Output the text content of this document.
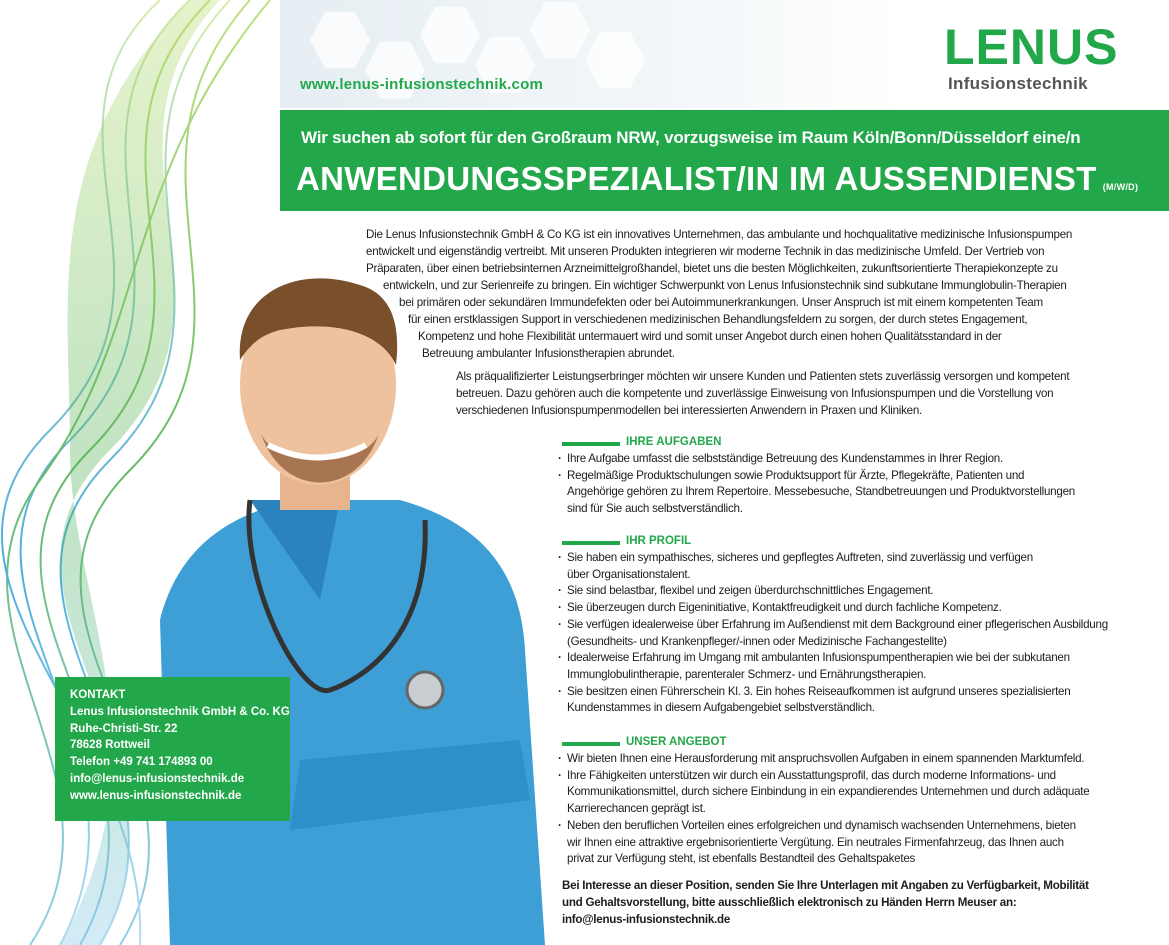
www.lenus-infusionstechnik.com
LENUS
Infusionstechnik
Wir suchen ab sofort für den Großraum NRW, vorzugsweise im Raum Köln/Bonn/Düsseldorf eine/n
ANWENDUNGSSPEZIALIST/IN IM AUSSENDIENST (M/W/D)
Die Lenus Infusionstechnik GmbH & Co KG ist ein innovatives Unternehmen, das ambulante und hochqualitative medizinische Infusionspumpen
entwickelt und eigenständig vertreibt. Mit unseren Produkten integrieren wir moderne Technik in das medizinische Umfeld. Der Vertrieb von
Präparaten, über einen betriebsinternen Arzneimittelgroßhandel, bietet uns die besten Möglichkeiten, zukunftsorientierte Therapiekonzepte zu
entwickeln, und zur Serienreife zu bringen. Ein wichtiger Schwerpunkt von Lenus Infusionstechnik sind subkutane Immunglobulin-Therapien
bei primären oder sekundären Immundefekten oder bei Autoimmunerkrankungen. Unser Anspruch ist mit einem kompetenten Team
für einen erstklassigen Support in verschiedenen medizinischen Behandlungsfeldern zu sorgen, der durch stetes Engagement,
Kompetenz und hohe Flexibilität untermauert wird und somit unser Angebot durch einen hohen Qualitätsstandard in der
Betreuung ambulanter Infusionstherapien abrundet.
Als präqualifizierter Leistungserbringer möchten wir unsere Kunden und Patienten stets zuverlässig versorgen und kompetent
betreuen. Dazu gehören auch die kompetente und zuverlässige Einweisung von Infusionspumpen und die Vorstellung von
verschiedenen Infusionspumpenmodellen bei interessierten Anwendern in Praxen und Kliniken.
IHRE AUFGABEN
· Ihre Aufgabe umfasst die selbstständige Betreuung des Kundenstammes in Ihrer Region.
· Regelmäßige Produktschulungen sowie Produktsupport für Ärzte, Pflegekräfte, Patienten und
Angehörige gehören zu Ihrem Repertoire. Messebesuche, Standbetreuungen und Produktvorstellungen
sind für Sie auch selbstverständlich.
IHR PROFIL
· Sie haben ein sympathisches, sicheres und gepflegtes Auftreten, sind zuverlässig und verfügen
über Organisationstalent.
· Sie sind belastbar, flexibel und zeigen überdurchschnittliches Engagement.
· Sie überzeugen durch Eigeninitiative, Kontaktfreudigkeit und durch fachliche Kompetenz.
· Sie verfügen idealerweise über Erfahrung im Außendienst mit dem Background einer pflegerischen Ausbildung
(Gesundheits- und Krankenpfleger/-innen oder Medizinische Fachangestellte)
· Idealerweise Erfahrung im Umgang mit ambulanten Infusionspumpentherapien wie bei der subkutanen
Immunglobulintherapie, parenteraler Schmerz- und Ernährungstherapien.
· Sie besitzen einen Führerschein Kl. 3. Ein hohes Reiseaufkommen ist aufgrund unseres spezialisierten
Kundenstammes in diesem Aufgabengebiet selbstverständlich.
UNSER ANGEBOT
· Wir bieten Ihnen eine Herausforderung mit anspruchsvollen Aufgaben in einem spannenden Marktumfeld.
· Ihre Fähigkeiten unterstützen wir durch ein Ausstattungsprofil, das durch moderne Informations- und
Kommunikationsmittel, durch sichere Einbindung in ein expandierendes Unternehmen und durch adäquate
Karrierechancen geprägt ist.
· Neben den beruflichen Vorteilen eines erfolgreichen und dynamisch wachsenden Unternehmens, bieten
wir Ihnen eine attraktive ergebnisorientierte Vergütung. Ein neutrales Firmenfahrzeug, das Ihnen auch
privat zur Verfügung steht, ist ebenfalls Bestandteil des Gehaltspaketes
Bei Interesse an dieser Position, senden Sie Ihre Unterlagen mit Angaben zu Verfügbarkeit, Mobilität
und Gehaltsvorstellung, bitte ausschließlich elektronisch zu Händen Herrn Meuser an:
info@lenus-infusionstechnik.de
KONTAKT
Lenus Infusionstechnik GmbH & Co. KG
Ruhe-Christi-Str. 22
78628 Rottweil
Telefon +49 741 174893 00
info@lenus-infusionstechnik.de
www.lenus-infusionstechnik.de
